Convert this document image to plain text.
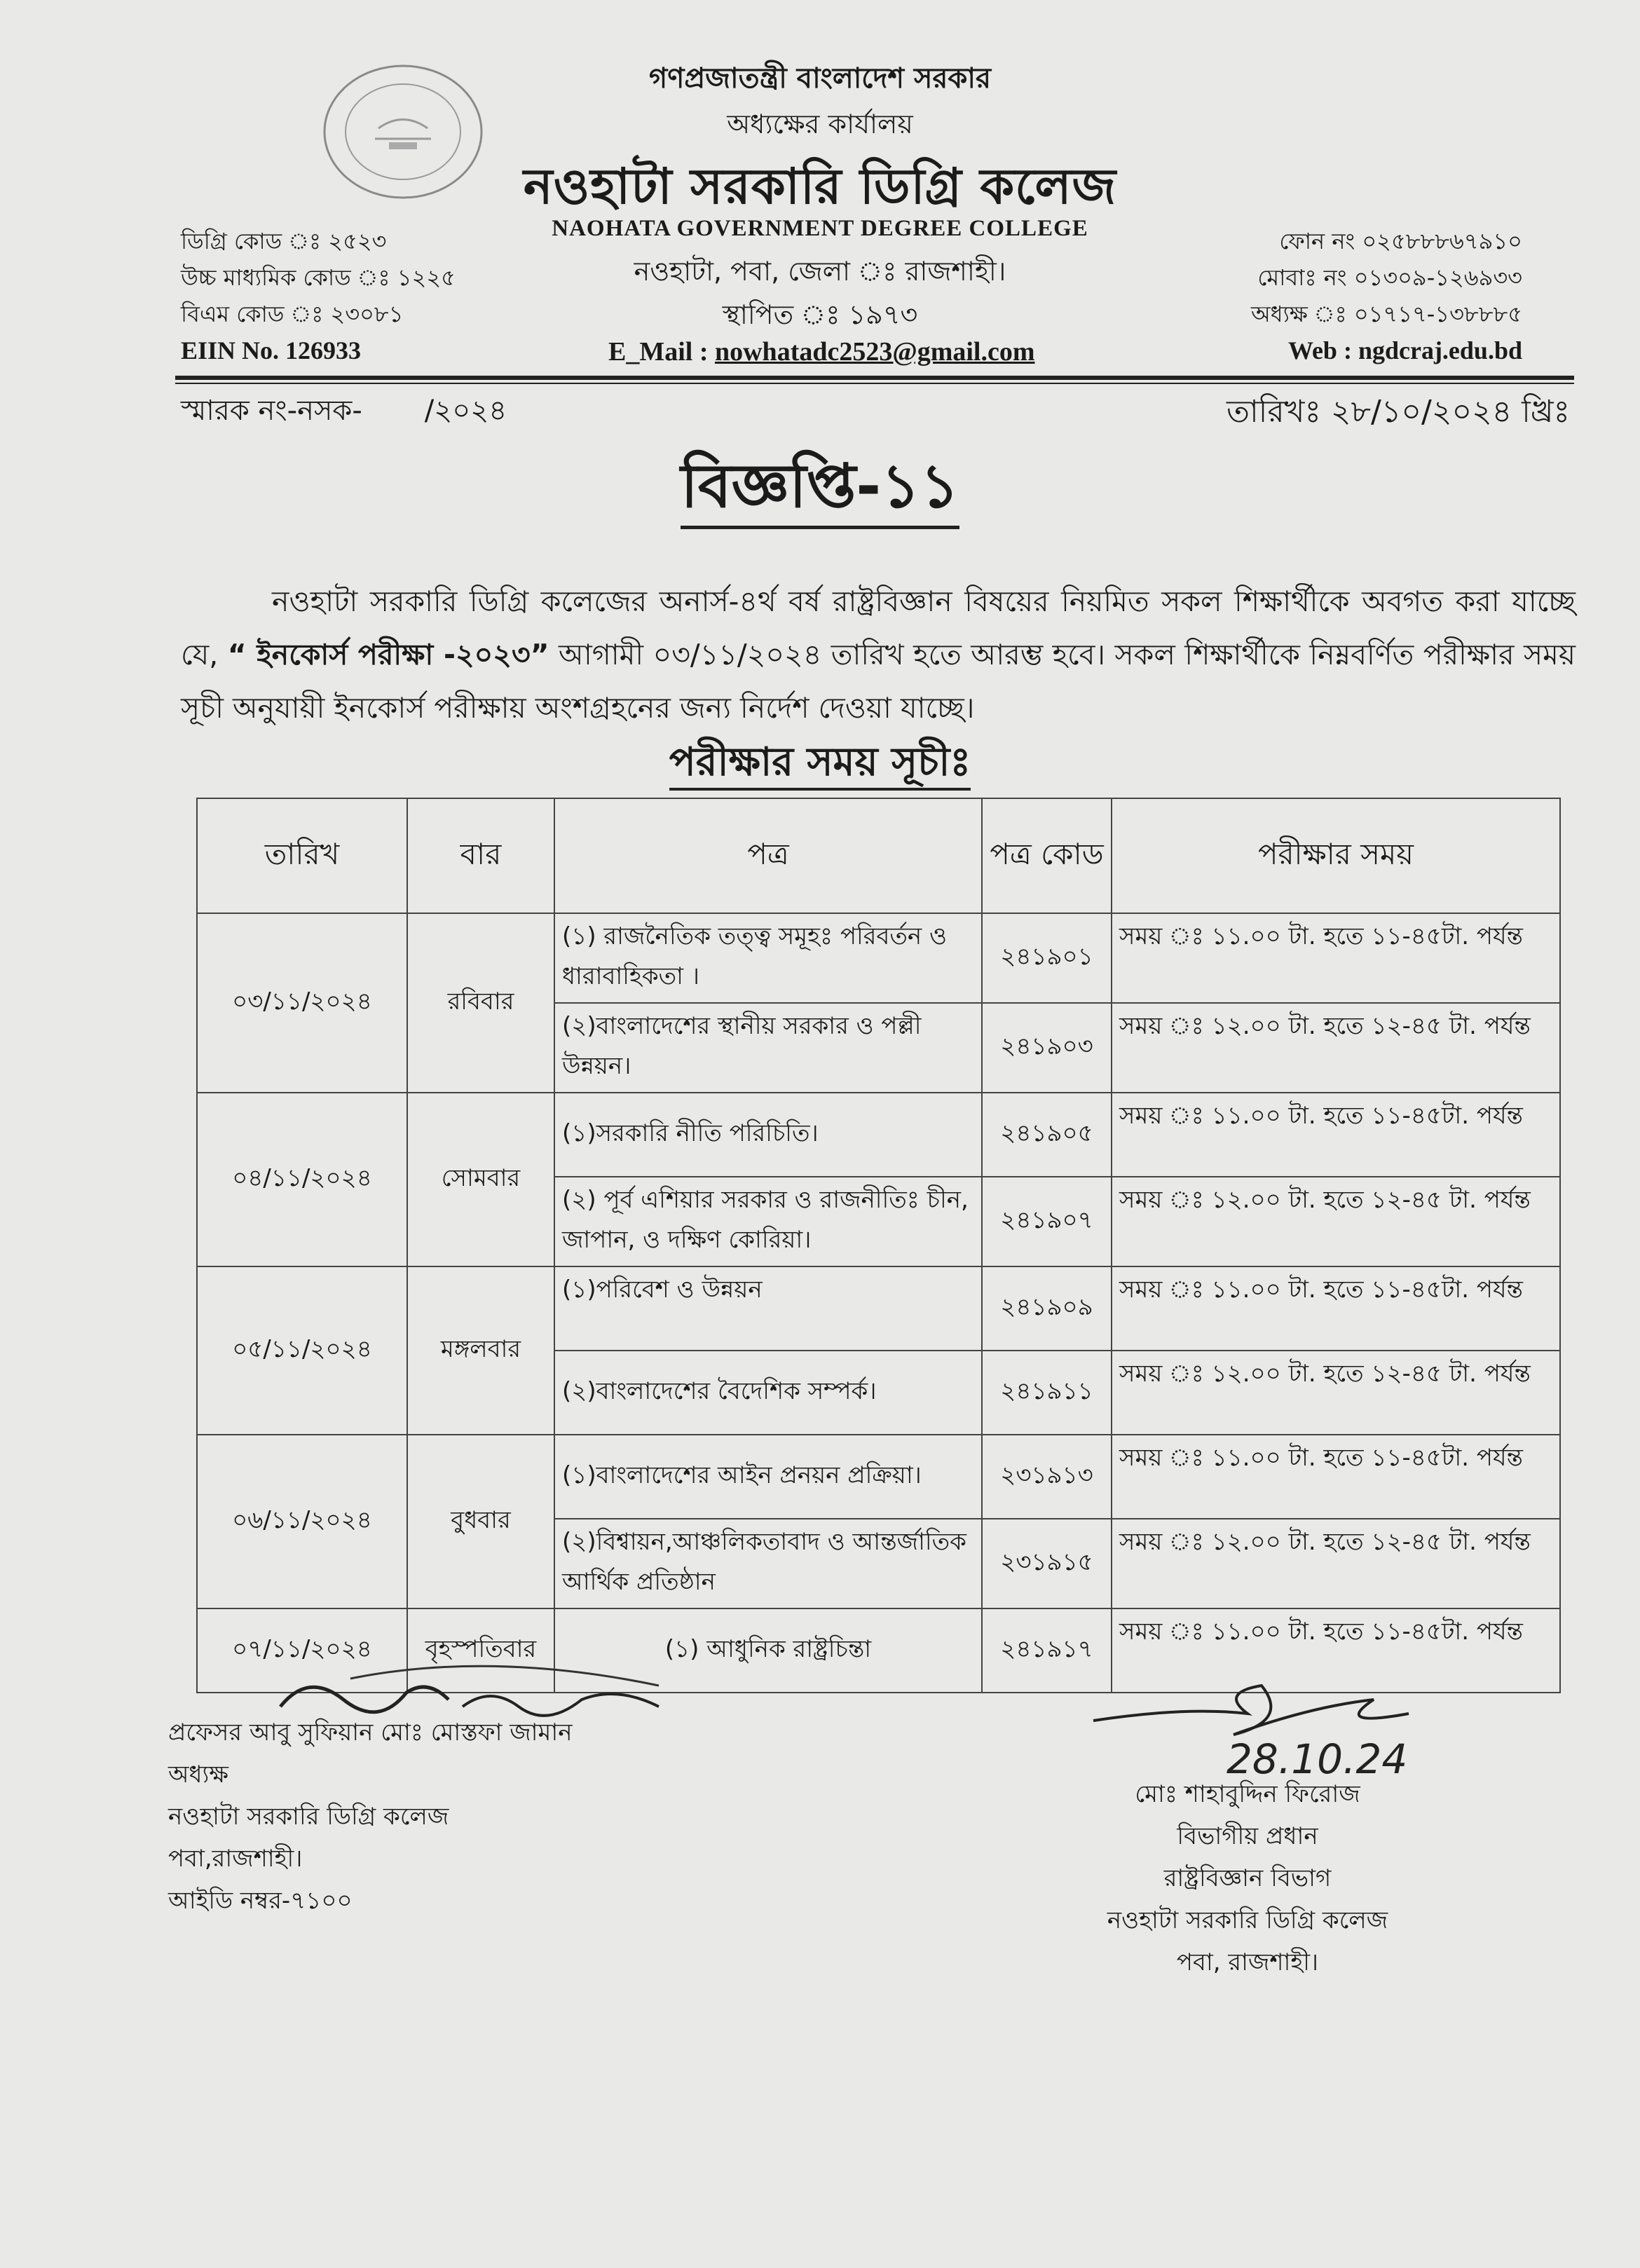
গণপ্রজাতন্ত্রী বাংলাদেশ সরকার
অধ্যক্ষের কার্যালয়
নওহাটা সরকারি ডিগ্রি কলেজ
NAOHATA GOVERNMENT DEGREE COLLEGE
নওহাটা, পবা, জেলা ঃ রাজশাহী।
স্থাপিত ঃ ১৯৭৩
ডিগ্রি কোড ঃ ২৫২৩
উচ্চ মাধ্যমিক কোড ঃ ১২২৫
বিএম কোড ঃ ২৩০৮১
EIIN No. 126933	E_Mail : nowhatadc2523@gmail.com
ফোন নং ০২৫৮৮৮৬৭৯১০
মোবাঃ নং ০১৩০৯-১২৬৯৩৩
অধ্যক্ষ ঃ ০১৭১৭-১৩৮৮৮৫
Web : ngdcraj.edu.bd
স্মারক নং-নসক-       /২০২৪	তারিখঃ ২৮/১০/২০২৪ খ্রিঃ
বিজ্ঞপ্তি-১১
নওহাটা সরকারি ডিগ্রি কলেজের অনার্স-৪র্থ বর্ষ রাষ্ট্রবিজ্ঞান বিষয়ের নিয়মিত সকল শিক্ষার্থীকে অবগত করা যাচ্ছে যে, “ ইনকোর্স পরীক্ষা -২০২৩” আগামী ০৩/১১/২০২৪ তারিখ হতে আরম্ভ হবে। সকল শিক্ষার্থীকে নিম্নবর্ণিত পরীক্ষার সময় সূচী অনুযায়ী ইনকোর্স পরীক্ষায় অংশগ্রহনের জন্য নির্দেশ দেওয়া যাচ্ছে।
পরীক্ষার সময় সূচীঃ
তারিখ	বার	পত্র	পত্র কোড	পরীক্ষার সময়
০৩/১১/২০২৪	রবিবার	(১) রাজনৈতিক তত্ত্ব সমূহঃ পরিবর্তন ও ধারাবাহিকতা ।	২৪১৯০১	সময় ঃ ১১.০০ টা. হতে ১১-৪৫টা. পর্যন্ত
		(২)বাংলাদেশের স্থানীয় সরকার ও পল্লী উন্নয়ন।	২৪১৯০৩	সময় ঃ ১২.০০ টা. হতে ১২-৪৫ টা. পর্যন্ত
০৪/১১/২০২৪	সোমবার	(১)সরকারি নীতি পরিচিতি।	২৪১৯০৫	সময় ঃ ১১.০০ টা. হতে ১১-৪৫টা. পর্যন্ত
		(২) পূর্ব এশিয়ার সরকার ও রাজনীতিঃ চীন, জাপান, ও দক্ষিণ কোরিয়া।	২৪১৯০৭	সময় ঃ ১২.০০ টা. হতে ১২-৪৫ টা. পর্যন্ত
০৫/১১/২০২৪	মঙ্গলবার	(১)পরিবেশ ও উন্নয়ন	২৪১৯০৯	সময় ঃ ১১.০০ টা. হতে ১১-৪৫টা. পর্যন্ত
		(২)বাংলাদেশের বৈদেশিক সম্পর্ক।	২৪১৯১১	সময় ঃ ১২.০০ টা. হতে ১২-৪৫ টা. পর্যন্ত
০৬/১১/২০২৪	বুধবার	(১)বাংলাদেশের আইন প্রনয়ন প্রক্রিয়া।	২৩১৯১৩	সময় ঃ ১১.০০ টা. হতে ১১-৪৫টা. পর্যন্ত
		(২)বিশ্বায়ন,আঞ্চলিকতাবাদ ও আন্তর্জাতিক আর্থিক প্রতিষ্ঠান	২৩১৯১৫	সময় ঃ ১২.০০ টা. হতে ১২-৪৫ টা. পর্যন্ত
০৭/১১/২০২৪	বৃহস্পতিবার	(১) আধুনিক রাষ্ট্রচিন্তা	২৪১৯১৭	সময় ঃ ১১.০০ টা. হতে ১১-৪৫টা. পর্যন্ত
28.10.24
প্রফেসর আবু সুফিয়ান মোঃ মোস্তফা জামান
অধ্যক্ষ
নওহাটা সরকারি ডিগ্রি কলেজ
পবা,রাজশাহী।
আইডি নম্বর-৭১০০
মোঃ শাহাবুদ্দিন ফিরোজ
বিভাগীয় প্রধান
রাষ্ট্রবিজ্ঞান বিভাগ
নওহাটা সরকারি ডিগ্রি কলেজ
পবা, রাজশাহী।
